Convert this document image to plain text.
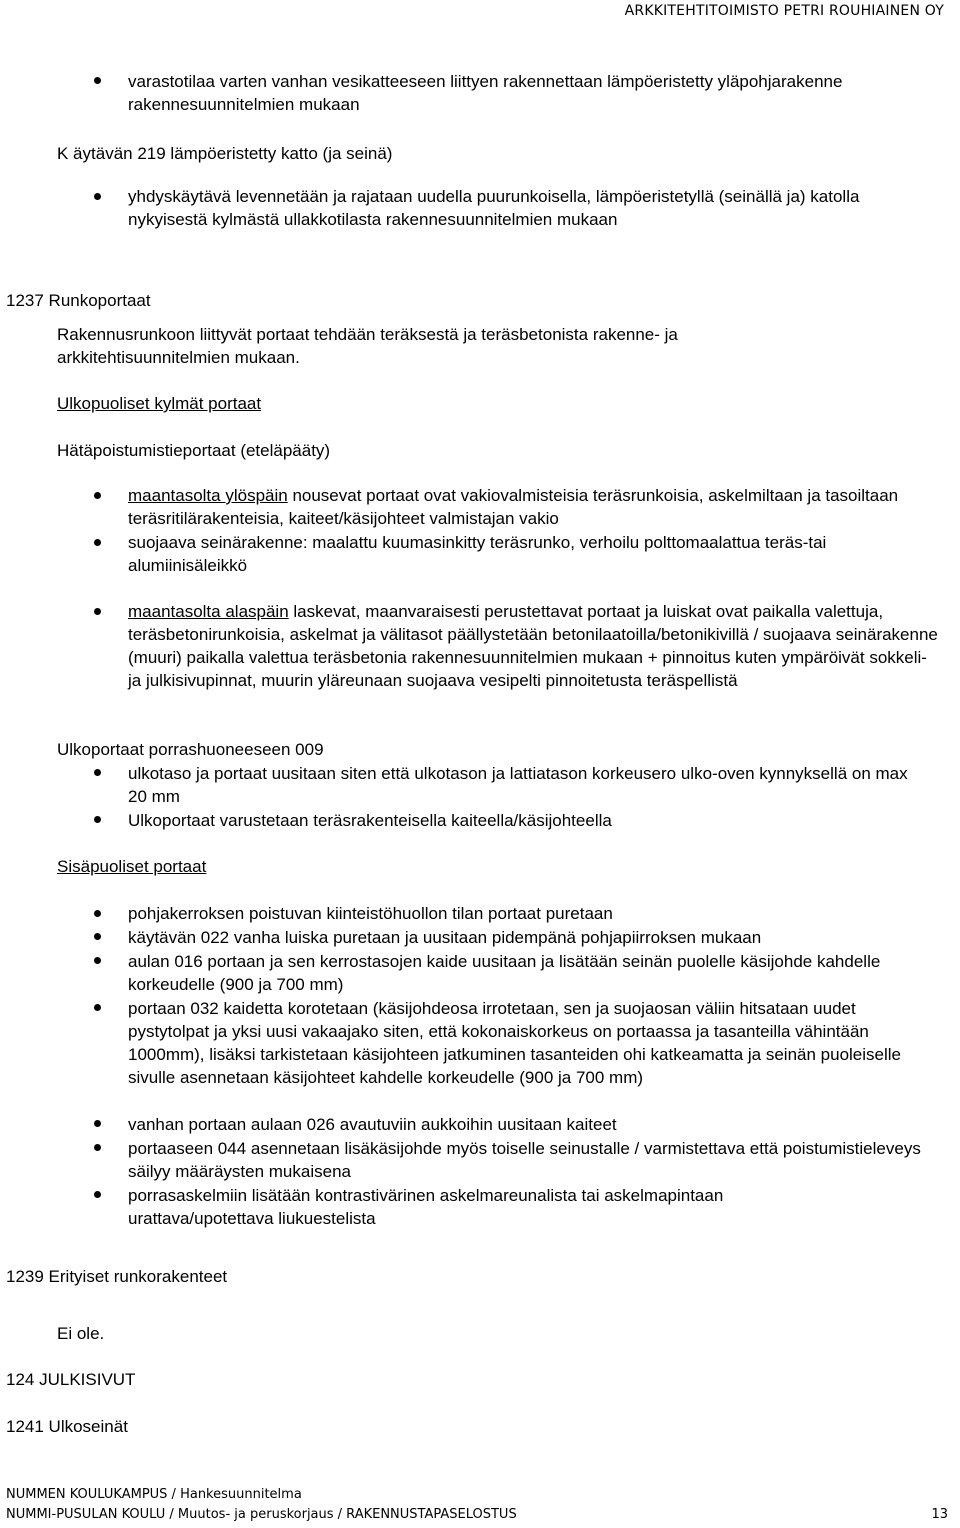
ARKKITEHTITOIMISTO PETRI ROUHIAINEN OY

varastotilaa varten vanhan vesikatteeseen liittyen rakennettaan lämpöeristetty yläpohjarakenne rakennesuunnitelmien mukaan

K äytävän 219 lämpöeristetty katto (ja seinä)

yhdyskäytävä levennetään ja rajataan uudella puurunkoisella, lämpöeristetyllä (seinällä ja) katolla nykyisestä kylmästä ullakkotilasta rakennesuunnitelmien mukaan

1237 Runkoportaat

Rakennusrunkoon liittyvät portaat tehdään teräksestä ja teräsbetonista rakenne- ja arkkitehtisuunnitelmien mukaan.

Ulkopuoliset kylmät portaat

Hätäpoistumistieportaat (eteläpääty)

maantasolta ylöspäin nousevat portaat ovat vakiovalmisteisia teräsrunkoisia, askelmiltaan ja tasoiltaan teräsritilärakenteisia, kaiteet/käsijohteet valmistajan vakio

suojaava seinärakenne: maalattu kuumasinkitty teräsrunko, verhoilu polttomaalattua teräs-tai alumiinisäleikkö

maantasolta alaspäin laskevat, maanvaraisesti perustettavat portaat ja luiskat ovat paikalla valettuja, teräsbetonirunkoisia, askelmat ja välitasot päällystetään betonilaatoilla/betonikivillä / suojaava seinärakenne (muuri) paikalla valettua teräsbetonia rakennesuunnitelmien mukaan + pinnoitus kuten ympäröivät sokkeli- ja julkisivupinnat, muurin yläreunaan suojaava vesipelti pinnoitetusta teräspellistä

Ulkoportaat porrashuoneeseen 009

ulkotaso ja portaat uusitaan siten että ulkotason ja lattiatason korkeusero ulko-oven kynnyksellä on max 20 mm

Ulkoportaat varustetaan teräsrakenteisella kaiteella/käsijohteella

Sisäpuoliset portaat

pohjakerroksen poistuvan kiinteistöhuollon tilan portaat puretaan

käytävän 022 vanha luiska puretaan ja uusitaan pidempänä pohjapiirroksen mukaan

aulan 016 portaan ja sen kerrostasojen kaide uusitaan ja lisätään seinän puolelle käsijohde kahdelle korkeudelle (900 ja 700 mm)

portaan 032 kaidetta korotetaan (käsijohdeosa irrotetaan, sen ja suojaosan väliin hitsataan uudet pystytolpat ja yksi uusi vakaajako siten, että kokonaiskorkeus on portaassa ja tasanteilla vähintään 1000mm), lisäksi tarkistetaan käsijohteen jatkuminen tasanteiden ohi katkeamatta ja seinän puoleiselle sivulle asennetaan käsijohteet kahdelle korkeudelle (900 ja 700 mm)

vanhan portaan aulaan 026 avautuviin aukkoihin uusitaan kaiteet

portaaseen 044 asennetaan lisäkäsijohde myös toiselle seinustalle / varmistettava että poistumistieleveys säilyy määräysten mukaisena

porrasaskelmiin lisätään kontrastivärinen askelmareunalista tai askelmapintaan urattava/upotettava liukuestelista

1239 Erityiset runkorakenteet

Ei ole.

124 JULKISIVUT

1241 Ulkoseinät

NUMMEN KOULUKAMPUS / Hankesuunnitelma

NUMMI-PUSULAN KOULU / Muutos- ja peruskorjaus / RAKENNUSTAPASELOSTUS	13
